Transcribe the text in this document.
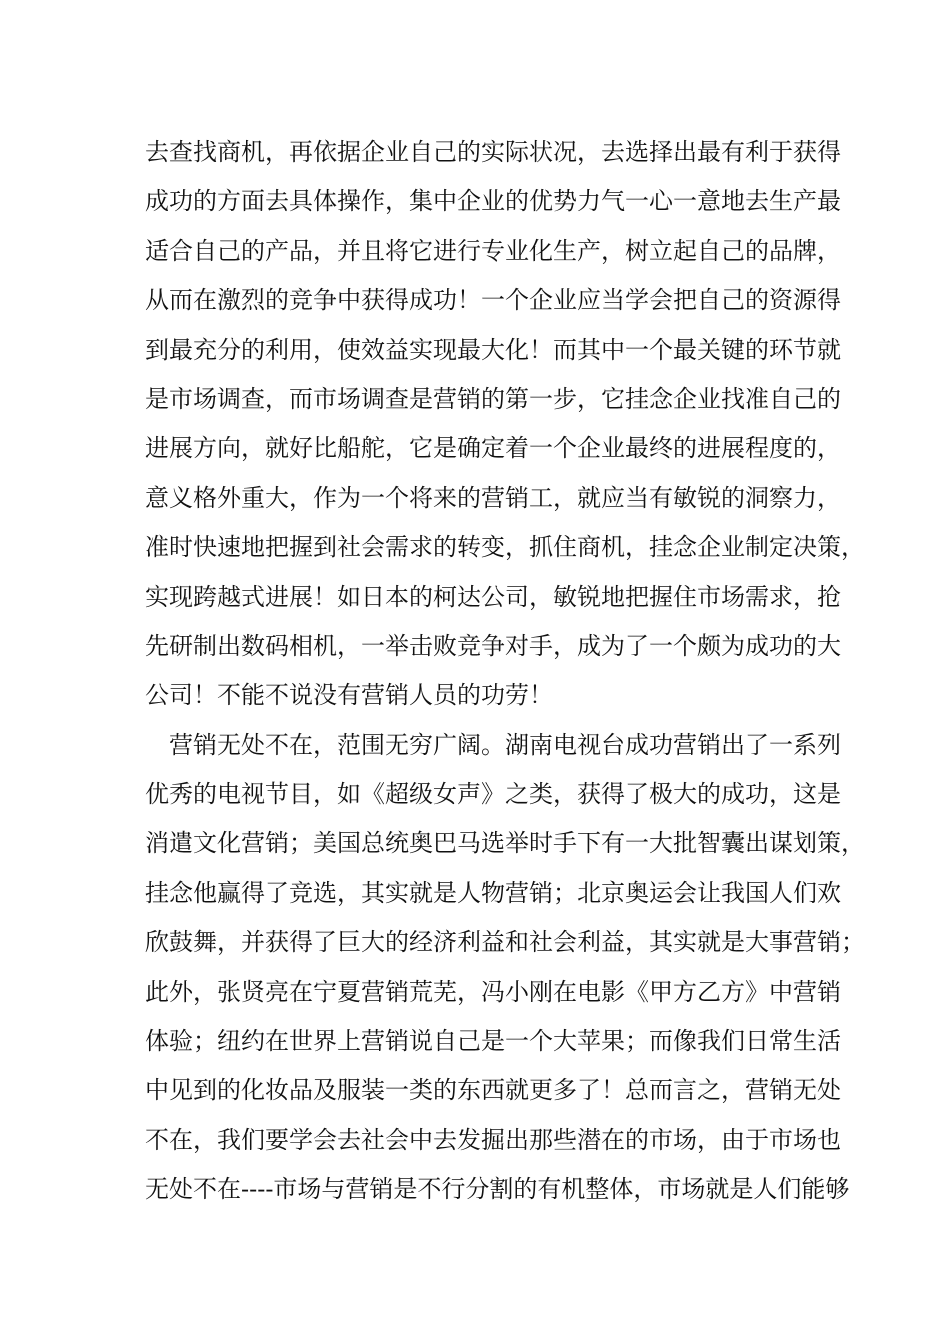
去查找商机，再依据企业自己的实际状况，去选择出最有利于获得
成功的方面去具体操作，集中企业的优势力气一心一意地去生产最
适合自己的产品，并且将它进行专业化生产，树立起自己的品牌，
从而在激烈的竞争中获得成功！一个企业应当学会把自己的资源得
到最充分的利用，使效益实现最大化！而其中一个最关键的环节就
是市场调查，而市场调查是营销的第一步，它挂念企业找准自己的
进展方向，就好比船舵，它是确定着一个企业最终的进展程度的，
意义格外重大，作为一个将来的营销工，就应当有敏锐的洞察力，
准时快速地把握到社会需求的转变，抓住商机，挂念企业制定决策，
实现跨越式进展！如日本的柯达公司，敏锐地把握住市场需求，抢
先研制出数码相机，一举击败竞争对手，成为了一个颇为成功的大
公司！不能不说没有营销人员的功劳！
营销无处不在，范围无穷广阔。湖南电视台成功营销出了一系列
优秀的电视节目，如《超级女声》之类，获得了极大的成功，这是
消遣文化营销；美国总统奥巴马选举时手下有一大批智囊出谋划策，
挂念他赢得了竞选，其实就是人物营销；北京奥运会让我国人们欢
欣鼓舞，并获得了巨大的经济利益和社会利益，其实就是大事营销；
此外，张贤亮在宁夏营销荒芜，冯小刚在电影《甲方乙方》中营销
体验；纽约在世界上营销说自己是一个大苹果；而像我们日常生活
中见到的化妆品及服装一类的东西就更多了！总而言之，营销无处
不在，我们要学会去社会中去发掘出那些潜在的市场，由于市场也
无处不在----市场与营销是不行分割的有机整体，市场就是人们能够
